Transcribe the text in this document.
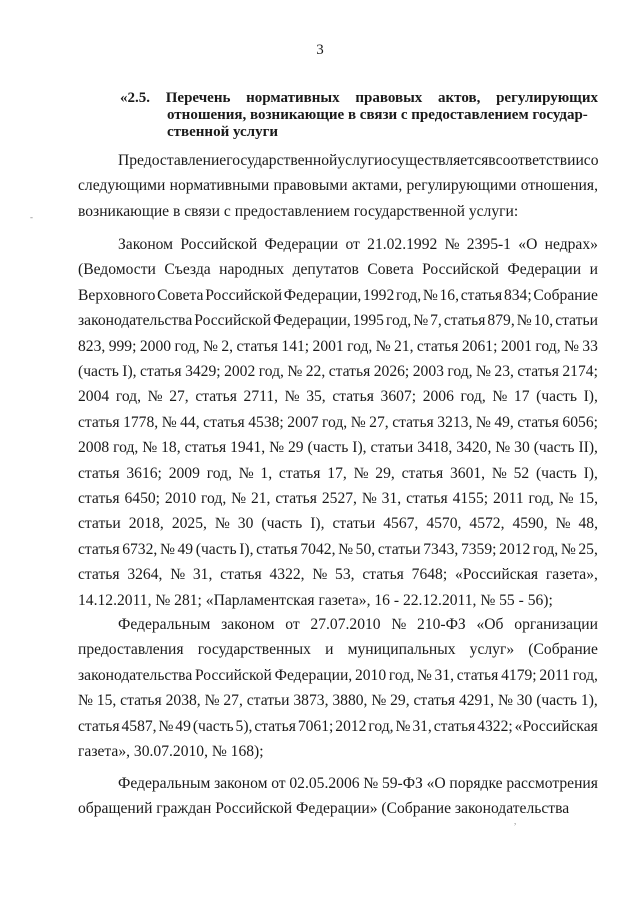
3
«2.5. Перечень нормативных правовых актов, регулирующих
отношения, возникающие в связи с предоставлением государ-
ственной услуги
Предоставление государственной услуги осуществляется в соответствии со
следующими нормативными правовыми актами, регулирующими отношения,
возникающие в связи с предоставлением государственной услуги:
Законом Российской Федерации от 21.02.1992 № 2395-1 «О недрах»
(Ведомости Съезда народных депутатов Совета Российской Федерации и
Верховного Совета Российской Федерации, 1992 год, № 16, статья 834; Собрание
законодательства Российской Федерации, 1995 год, № 7, статья 879, № 10, статьи
823, 999; 2000 год, № 2, статья 141; 2001 год, № 21, статья 2061; 2001 год, № 33
(часть I), статья 3429; 2002 год, № 22, статья 2026; 2003 год, № 23, статья 2174;
2004 год, № 27, статья 2711, № 35, статья 3607; 2006 год, № 17 (часть I),
статья 1778, № 44, статья 4538; 2007 год, № 27, статья 3213, № 49, статья 6056;
2008 год, № 18, статья 1941, № 29 (часть I), статьи 3418, 3420, № 30 (часть II),
статья 3616; 2009 год, № 1, статья 17, № 29, статья 3601, № 52 (часть I),
статья 6450; 2010 год, № 21, статья 2527, № 31, статья 4155; 2011 год, № 15,
статьи 2018, 2025, № 30 (часть I), статьи 4567, 4570, 4572, 4590, № 48,
статья 6732, № 49 (часть I), статья 7042, № 50, статьи 7343, 7359; 2012 год, № 25,
статья 3264, № 31, статья 4322, № 53, статья 7648; «Российская газета»,
14.12.2011, № 281; «Парламентская газета», 16 - 22.12.2011, № 55 - 56);
Федеральным законом от 27.07.2010 № 210-ФЗ «Об организации
предоставления государственных и муниципальных услуг» (Собрание
законодательства Российской Федерации, 2010 год, № 31, статья 4179; 2011 год,
№ 15, статья 2038, № 27, статьи 3873, 3880, № 29, статья 4291, № 30 (часть 1),
статья 4587, № 49 (часть 5), статья 7061; 2012 год, № 31, статья 4322; «Российская
газета», 30.07.2010, № 168);
Федеральным законом от 02.05.2006 № 59-ФЗ «О порядке рассмотрения
обращений граждан Российской Федерации» (Собрание законодательства
-
,
